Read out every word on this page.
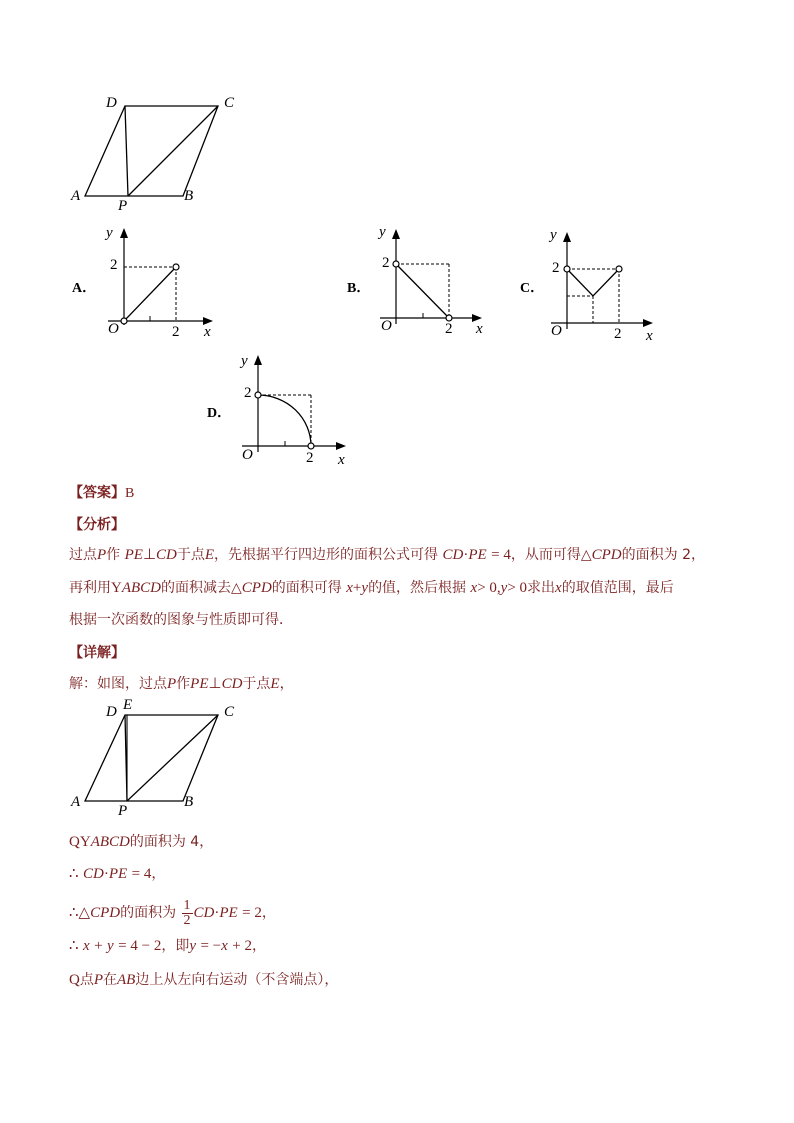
D	C
A
P
B
A．
y
2
O	2 x
B．
y
2
O	2 x
C．
y
2
O	2 x
D．
y
2
O	2 x
【答案】B
【分析】
过点P作 PE⊥CD于点E，先根据平行四边形的面积公式可得 CD·PE = 4，从而可得△CPD的面积为 2，
再利用YABCD的面积减去△CPD的面积可得 x+y的值，然后根据 x> 0,y> 0求出x的取值范围，最后
根据一次函数的图象与性质即可得．
【详解】
解：如图，过点P作PE⊥CD于点E，
D E	C
A
P
B
QYABCD的面积为 4，
∴ CD·PE = 4，
∴△CPD的面积为 $\frac{1}{2} CD\cdot PE = 2$，
∴ x + y = 4 − 2，即y = −x + 2，
Q点P在AB边上从左向右运动（不含端点），
